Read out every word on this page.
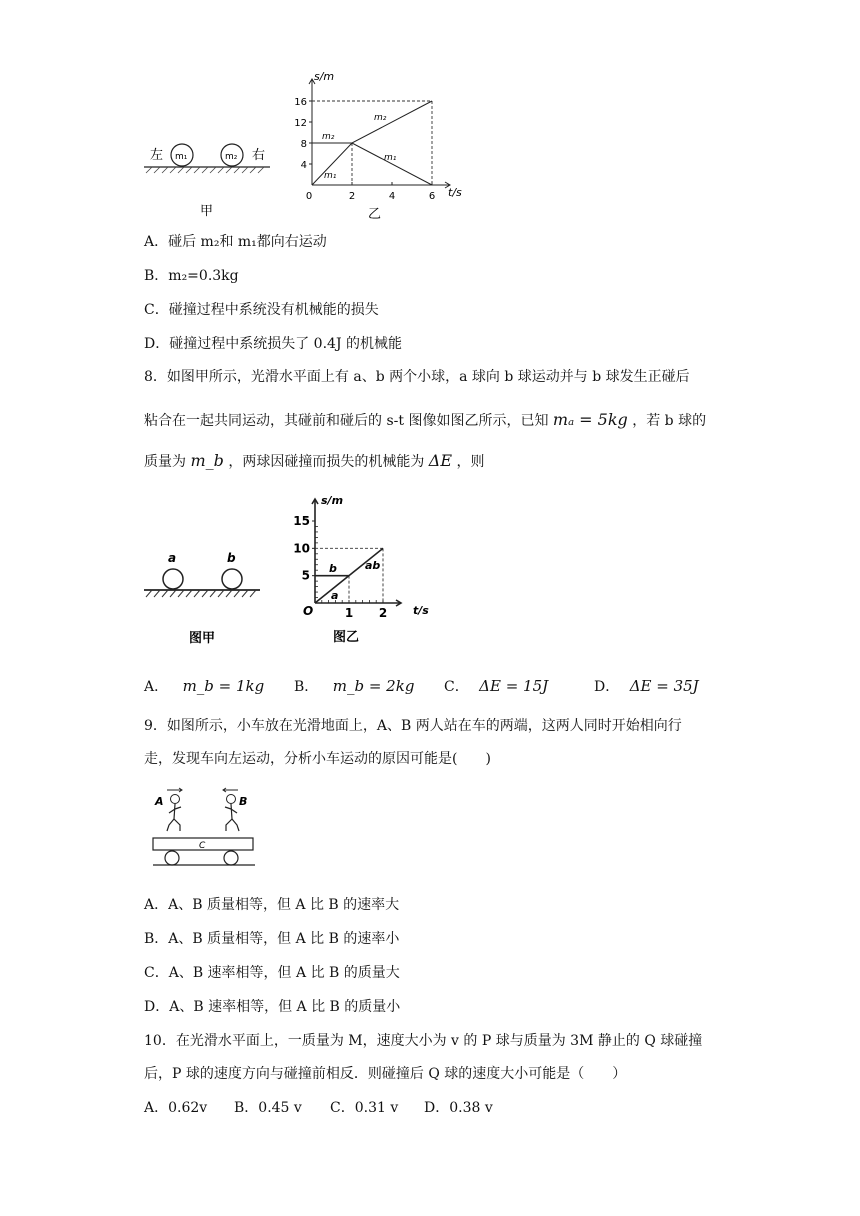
左 m₁	m₂ 右
甲
4
8
12
16
2	4	6
0
s/m
t/s
m₂
m₂
m₁
m₁
乙
A．碰后 m₂和 m₁都向右运动
B．m₂=0.3kg
C．碰撞过程中系统没有机械能的损失
D．碰撞过程中系统损失了 0.4J 的机械能
8．如图甲所示，光滑水平面上有 a、b 两个小球，a 球向 b 球运动并与 b 球发生正碰后
粘合在一起共同运动，其碰前和碰后的 s-t 图像如图乙所示，已知 mₐ = 5kg ，若 b 球的
质量为 m_b ，两球因碰撞而损失的机械能为 ΔE ，则
a	b
图甲
5
10
15
1 2
s/m
t/s
O
b
a
ab
图乙
A． m_b = 1kg B． m_b = 2kg C． ΔE = 15J	D． ΔE = 35J
9．如图所示，小车放在光滑地面上，A、B 两人站在车的两端，这两人同时开始相向行
走，发现车向左运动，分析小车运动的原因可能是(　　)
A	B
C
A．A、B 质量相等，但 A 比 B 的速率大
B．A、B 质量相等，但 A 比 B 的速率小
C．A、B 速率相等，但 A 比 B 的质量大
D．A、B 速率相等，但 A 比 B 的质量小
10．在光滑水平面上，一质量为 M，速度大小为 v 的 P 球与质量为 3M 静止的 Q 球碰撞
后，P 球的速度方向与碰撞前相反．则碰撞后 Q 球的速度大小可能是（　　）
A．0.62v B．0.45 v C．0.31 v D．0.38 v
